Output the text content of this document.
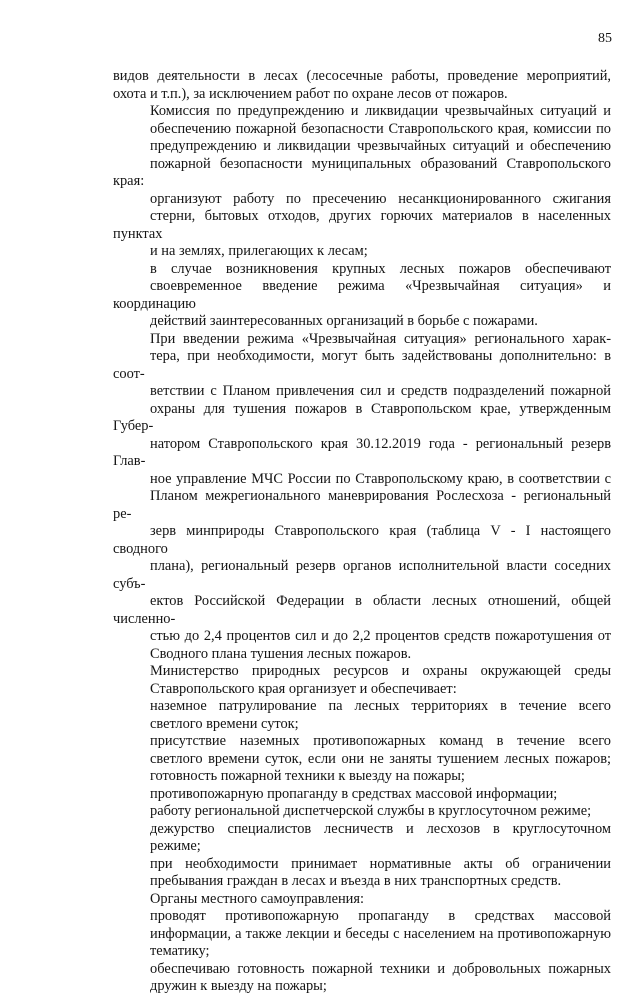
85

видов деятельности в лесах (лесосечные работы, проведение мероприятий,
охота и т.п.), за исключением работ по охране лесов от пожаров.

Комиссия по предупреждению и ликвидации чрезвычайных ситуаций и
обеспечению пожарной безопасности Ставропольского края, комиссии по
предупреждению и ликвидации чрезвычайных ситуаций и обеспечению
пожарной безопасности муниципальных образований Ставропольского края:

организуют работу по пресечению несанкционированного сжигания
стерни, бытовых отходов, других горючих материалов в населенных пунктах
и на землях, прилегающих к лесам;

в случае возникновения крупных лесных пожаров обеспечивают
своевременное введение режима «Чрезвычайная ситуация» и координацию
действий заинтересованных организаций в борьбе с пожарами.

При введении режима «Чрезвычайная ситуация» регионального харак-
тера, при необходимости, могут быть задействованы дополнительно: в соот-
ветствии с Планом привлечения сил и средств подразделений пожарной
охраны для тушения пожаров в Ставропольском крае, утвержденным Губер-
натором Ставропольского края 30.12.2019 года - региональный резерв Глав-
ное управление МЧС России по Ставропольскому краю, в соответствии с
Планом межрегионального маневрирования Рослесхоза - региональный ре-
зерв минприроды Ставропольского края (таблица V - I настоящего сводного
плана), региональный резерв органов исполнительной власти соседних субъ-
ектов Российской Федерации в области лесных отношений, общей численно-
стью до 2,4 процентов сил и до 2,2 процентов средств пожаротушения от
Сводного плана тушения лесных пожаров.

Министерство природных ресурсов и охраны окружающей среды
Ставропольского края организует и обеспечивает:

наземное патрулирование па лесных территориях в течение всего
светлого времени суток;

присутствие наземных противопожарных команд в течение всего
светлого времени суток, если они не заняты тушением лесных пожаров;
готовность пожарной техники к выезду на пожары;

противопожарную пропаганду в средствах массовой информации;

работу региональной диспетчерской службы в круглосуточном режиме;

дежурство специалистов лесничеств и лесхозов в круглосуточном
режиме;

при необходимости принимает нормативные акты об ограничении
пребывания граждан в лесах и въезда в них транспортных средств.

Органы местного самоуправления:

проводят противопожарную пропаганду в средствах массовой
информации, а также лекции и беседы с населением на противопожарную
тематику;

обеспечиваю готовность пожарной техники и добровольных пожарных
дружин к выезду на пожары;
